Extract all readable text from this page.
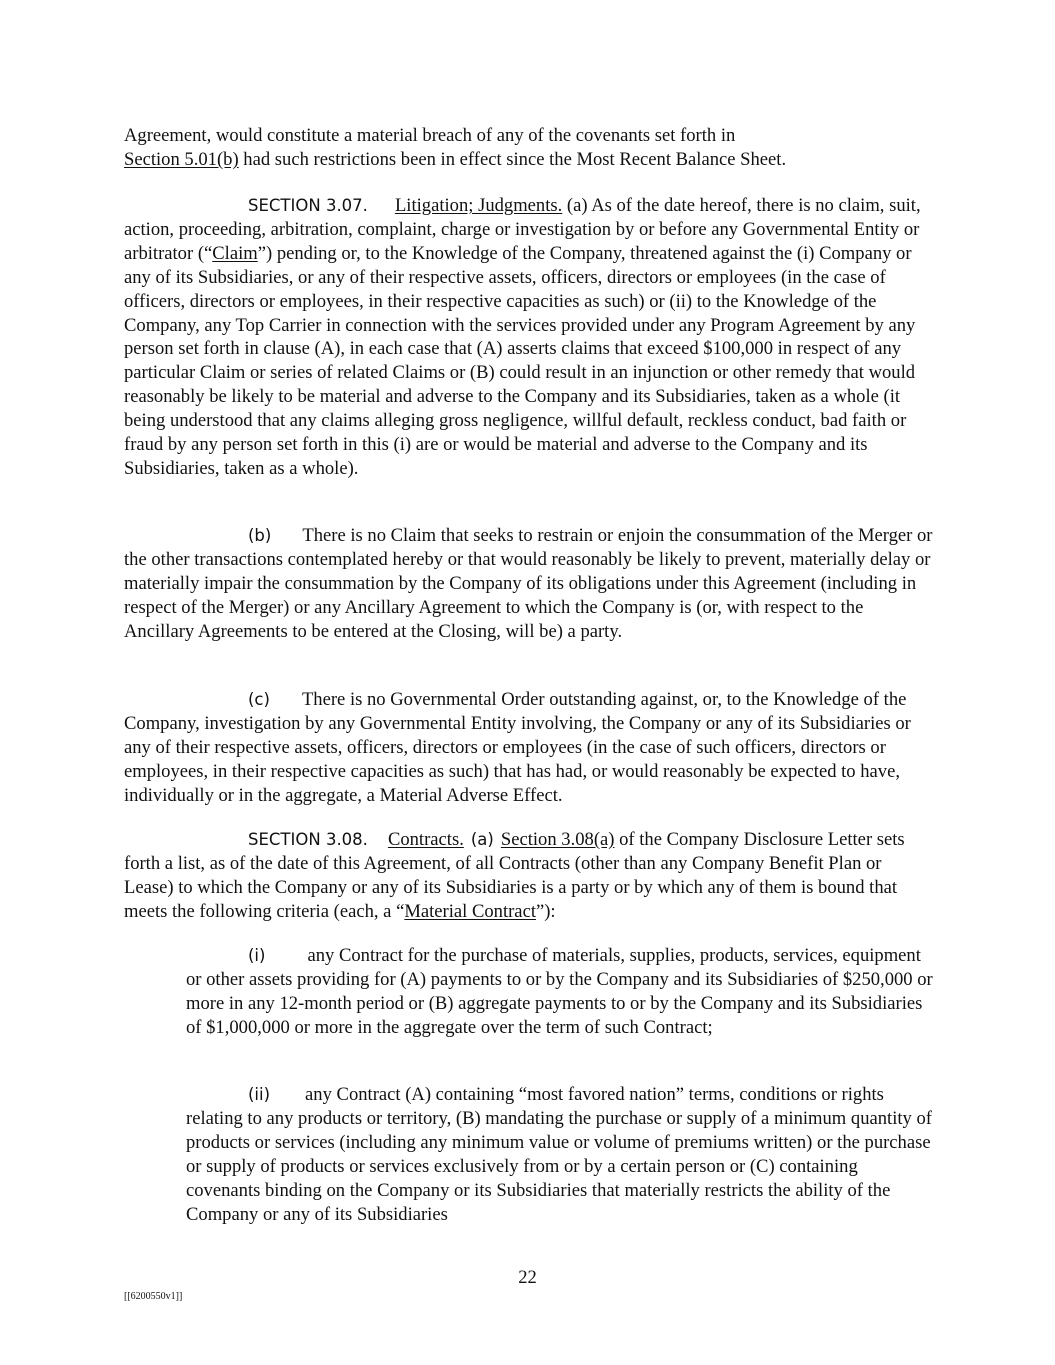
Agreement, would constitute a material breach of any of the covenants set forth in
Section 5.01(b) had such restrictions been in effect since the Most Recent Balance Sheet.

SECTION 3.07. Litigation; Judgments. (a) As of the date hereof, there is no claim, suit, action, proceeding, arbitration, complaint, charge or investigation by or before any Governmental Entity or arbitrator (“Claim”) pending or, to the Knowledge of the Company, threatened against the (i) Company or any of its Subsidiaries, or any of their respective assets, officers, directors or employees (in the case of officers, directors or employees, in their respective capacities as such) or (ii) to the Knowledge of the Company, any Top Carrier in connection with the services provided under any Program Agreement by any person set forth in clause (A), in each case that (A) asserts claims that exceed $100,000 in respect of any particular Claim or series of related Claims or (B) could result in an injunction or other remedy that would reasonably be likely to be material and adverse to the Company and its Subsidiaries, taken as a whole (it being understood that any claims alleging gross negligence, willful default, reckless conduct, bad faith or fraud by any person set forth in this (i) are or would be material and adverse to the Company and its Subsidiaries, taken as a whole).

(b) There is no Claim that seeks to restrain or enjoin the consummation of the Merger or the other transactions contemplated hereby or that would reasonably be likely to prevent, materially delay or materially impair the consummation by the Company of its obligations under this Agreement (including in respect of the Merger) or any Ancillary Agreement to which the Company is (or, with respect to the Ancillary Agreements to be entered at the Closing, will be) a party.

(c) There is no Governmental Order outstanding against, or, to the Knowledge of the Company, investigation by any Governmental Entity involving, the Company or any of its Subsidiaries or any of their respective assets, officers, directors or employees (in the case of such officers, directors or employees, in their respective capacities as such) that has had, or would reasonably be expected to have, individually or in the aggregate, a Material Adverse Effect.

SECTION 3.08. Contracts. (a) Section 3.08(a) of the Company Disclosure Letter sets forth a list, as of the date of this Agreement, of all Contracts (other than any Company Benefit Plan or Lease) to which the Company or any of its Subsidiaries is a party or by which any of them is bound that meets the following criteria (each, a “Material Contract”):

(i) any Contract for the purchase of materials, supplies, products, services, equipment or other assets providing for (A) payments to or by the Company and its Subsidiaries of $250,000 or more in any 12-month period or (B) aggregate payments to or by the Company and its Subsidiaries of $1,000,000 or more in the aggregate over the term of such Contract;

(ii) any Contract (A) containing “most favored nation” terms, conditions or rights relating to any products or territory, (B) mandating the purchase or supply of a minimum quantity of products or services (including any minimum value or volume of premiums written) or the purchase or supply of products or services exclusively from or by a certain person or (C) containing covenants binding on the Company or its Subsidiaries that materially restricts the ability of the Company or any of its Subsidiaries

22
[[6200550v1]]
